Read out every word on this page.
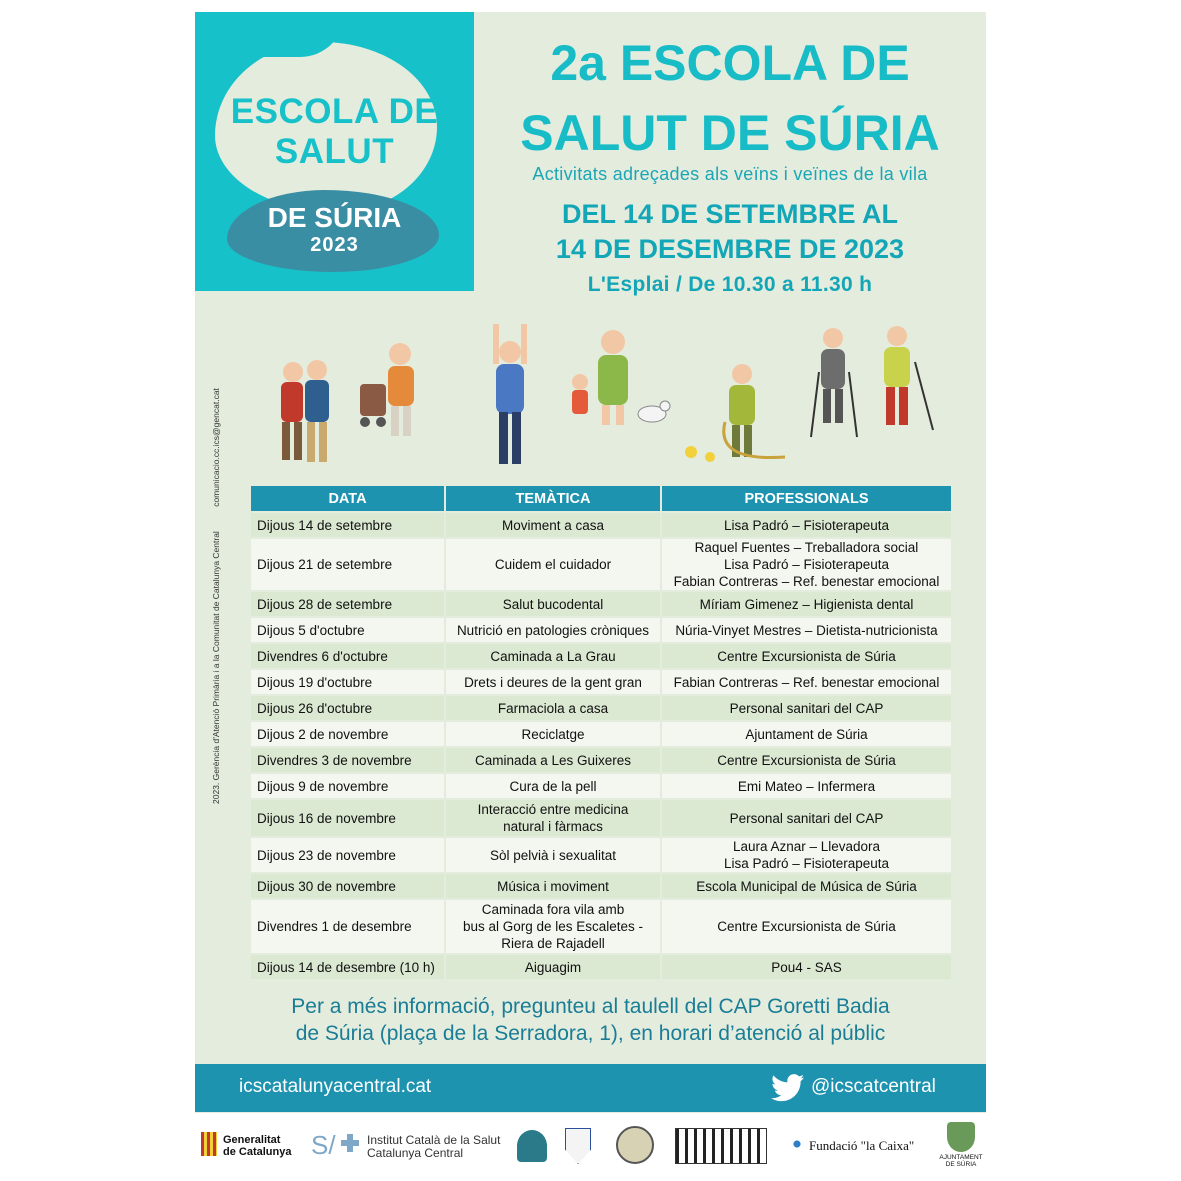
ESCOLA DE
SALUT
DE SÚRIA
2023
2a ESCOLA DE
SALUT DE SÚRIA
Activitats adreçades als veïns i veïnes de la vila
DEL 14 DE SETEMBRE AL
14 DE DESEMBRE DE 2023
L'Esplai / De 10.30 a 11.30 h
2023. Gerència d'Atenció Primària i a la Comunitat de Catalunya Central comunicacio.cc.ics@gencat.cat	DATA	TEMÀTICA	PROFESSIONALS
Dijous 14 de setembre	Moviment a casa	Lisa Padró – Fisioterapeuta

Dijous 21 de setembre	Cuidem el cuidador	Raquel Fuentes – Treballadora social
Lisa Padró – Fisioterapeuta
Fabian Contreras – Ref. benestar emocional

Dijous 28 de setembre	Salut bucodental	Míriam Gimenez – Higienista dental

Dijous 5 d'octubre	Nutrició en patologies cròniques	Núria-Vinyet Mestres – Dietista-nutricionista

Divendres 6 d'octubre	Caminada a La Grau	Centre Excursionista de Súria

Dijous 19 d'octubre	Drets i deures de la gent gran	Fabian Contreras – Ref. benestar emocional

Dijous 26 d'octubre	Farmaciola a casa	Personal sanitari del CAP

Dijous 2 de novembre	Reciclatge	Ajuntament de Súria

Divendres 3 de novembre	Caminada a Les Guixeres	Centre Excursionista de Súria

Dijous 9 de novembre	Cura de la pell	Emi Mateo – Infermera

Dijous 16 de novembre	Interacció entre medicina
natural i fàrmacs	Personal sanitari del CAP

Dijous 23 de novembre	Sòl pelvià i sexualitat	Laura Aznar – Llevadora
Lisa Padró – Fisioterapeuta

Dijous 30 de novembre	Música i moviment	Escola Municipal de Música de Súria

Divendres 1 de desembre	Caminada fora vila amb
bus al Gorg de les Escaletes -
Riera de Rajadell	Centre Excursionista de Súria

Dijous 14 de desembre (10 h)	Aiguagim	Pou4 - SAS
Per a més informació, pregunteu al taulell del CAP Goretti Badia
de Súria (plaça de la Serradora, 1), en horari d’atenció al públic
icscatalunyacentral.cat	@icscatcentral
Generalitat
de Catalunya S/	Institut Català de la Salut
Catalunya Central	Fundació "la Caixa"
AJUNTAMENT
DE SÚRIA
